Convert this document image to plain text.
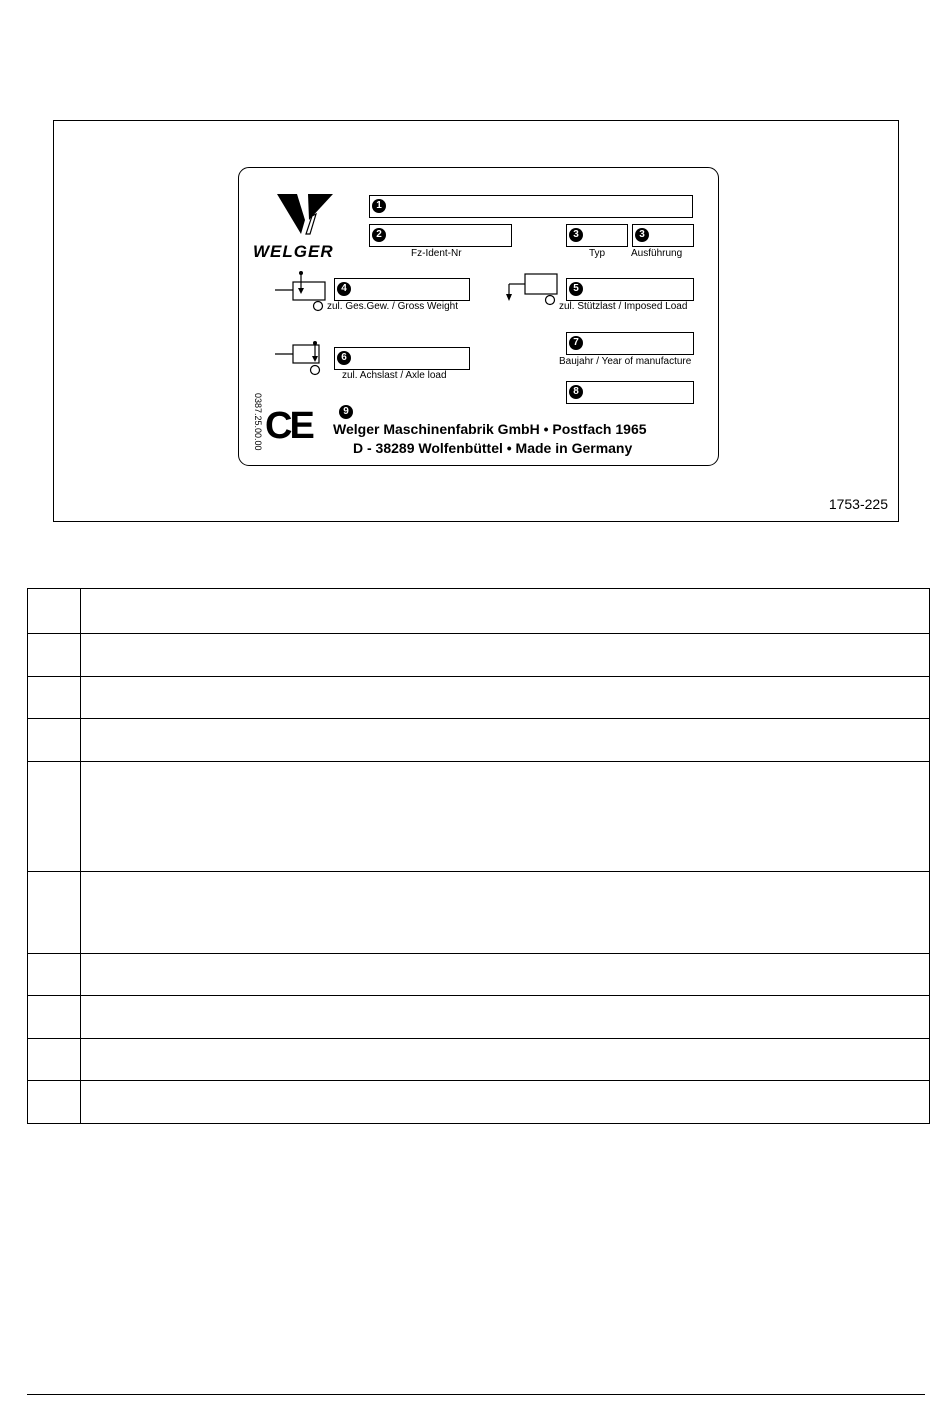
WELGER
1
2
Fz-Ident-Nr
3
Typ
3
Ausführung
4
zul. Ges.Gew. / Gross Weight
5
zul. Stützlast / Imposed Load
6
zul. Achslast / Axle load
7
Baujahr / Year of manufacture
8
9
CE
0387.25.00.00	Welger Maschinenfabrik GmbH • Postfach 1965
D - 38289 Wolfenbüttel • Made in Germany
1753-225
